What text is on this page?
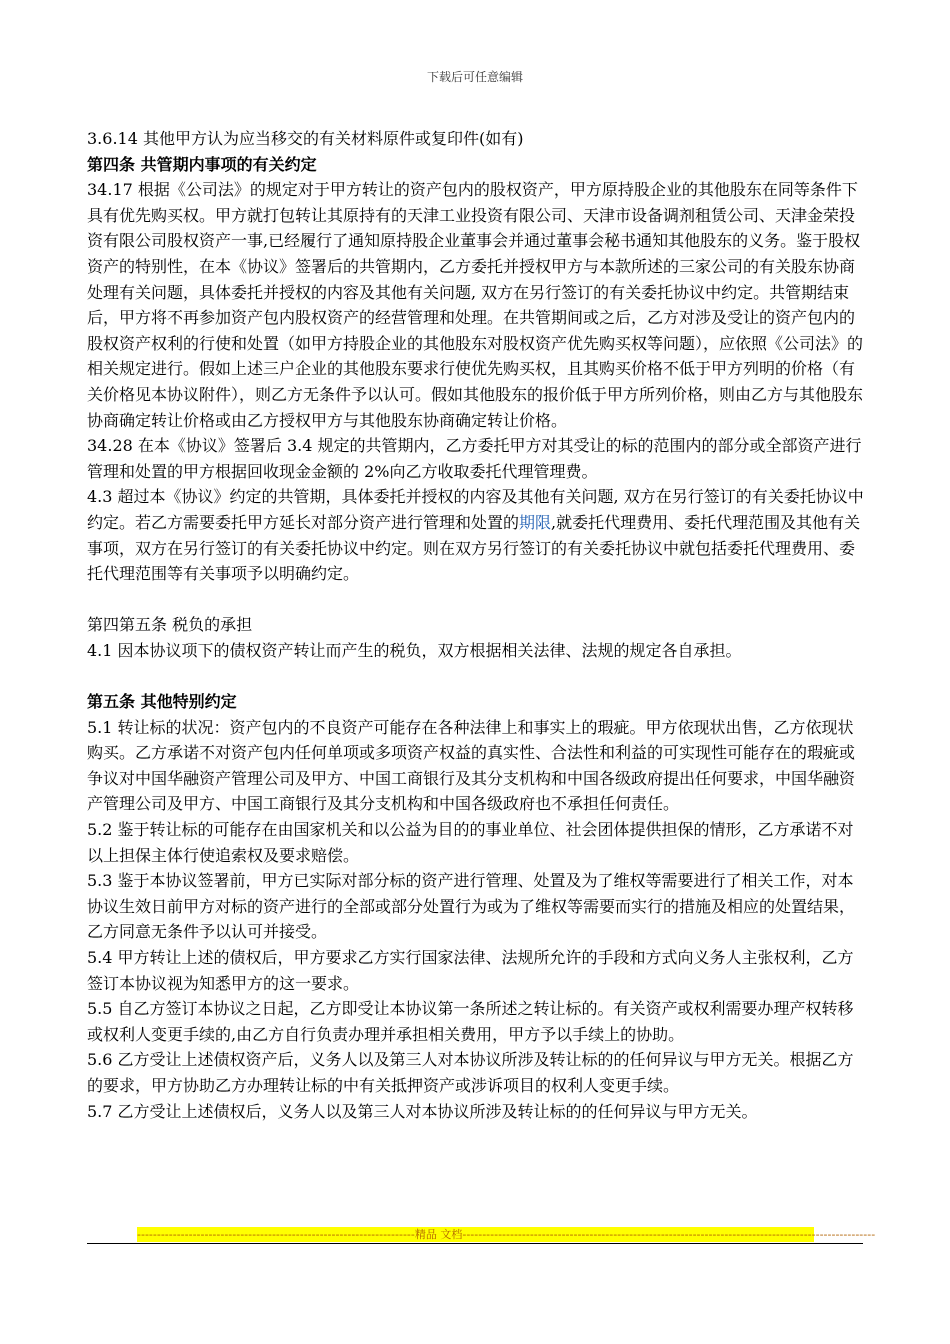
下载后可任意编辑

3.6.14 其他甲方认为应当移交的有关材料原件或复印件(如有)

第四条 共管期内事项的有关约定

34.17 根据《公司法》的规定对于甲方转让的资产包内的股权资产，甲方原持股企业的其他股东在同等条件下具有优先购买权。甲方就打包转让其原持有的天津工业投资有限公司、天津市设备调剂租赁公司、天津金荣投资有限公司股权资产一事,已经履行了通知原持股企业董事会并通过董事会秘书通知其他股东的义务。鉴于股权资产的特别性，在本《协议》签署后的共管期内，乙方委托并授权甲方与本款所述的三家公司的有关股东协商处理有关问题，具体委托并授权的内容及其他有关问题, 双方在另行签订的有关委托协议中约定。共管期结束后，甲方将不再参加资产包内股权资产的经营管理和处理。在共管期间或之后，乙方对涉及受让的资产包内的股权资产权利的行使和处置（如甲方持股企业的其他股东对股权资产优先购买权等问题），应依照《公司法》的相关规定进行。假如上述三户企业的其他股东要求行使优先购买权，且其购买价格不低于甲方列明的价格（有关价格见本协议附件），则乙方无条件予以认可。假如其他股东的报价低于甲方所列价格，则由乙方与其他股东协商确定转让价格或由乙方授权甲方与其他股东协商确定转让价格。

34.28 在本《协议》签署后 3.4 规定的共管期内，乙方委托甲方对其受让的标的范围内的部分或全部资产进行管理和处置的甲方根据回收现金金额的 2%向乙方收取委托代理管理费。

4.3 超过本《协议》约定的共管期，具体委托并授权的内容及其他有关问题, 双方在另行签订的有关委托协议中约定。若乙方需要委托甲方延长对部分资产进行管理和处置的期限,就委托代理费用、委托代理范围及其他有关事项，双方在另行签订的有关委托协议中约定。则在双方另行签订的有关委托协议中就包括委托代理费用、委托代理范围等有关事项予以明确约定。

第四第五条 税负的承担

4.1 因本协议项下的债权资产转让而产生的税负，双方根据相关法律、法规的规定各自承担。

第五条 其他特别约定

5.1 转让标的状况：资产包内的不良资产可能存在各种法律上和事实上的瑕疵。甲方依现状出售，乙方依现状购买。乙方承诺不对资产包内任何单项或多项资产权益的真实性、合法性和利益的可实现性可能存在的瑕疵或争议对中国华融资产管理公司及甲方、中国工商银行及其分支机构和中国各级政府提出任何要求，中国华融资产管理公司及甲方、中国工商银行及其分支机构和中国各级政府也不承担任何责任。

5.2 鉴于转让标的可能存在由国家机关和以公益为目的的事业单位、社会团体提供担保的情形，乙方承诺不对以上担保主体行使追索权及要求赔偿。

5.3 鉴于本协议签署前，甲方已实际对部分标的资产进行管理、处置及为了维权等需要进行了相关工作，对本协议生效日前甲方对标的资产进行的全部或部分处置行为或为了维权等需要而实行的措施及相应的处置结果，乙方同意无条件予以认可并接受。

5.4 甲方转让上述的债权后，甲方要求乙方实行国家法律、法规所允许的手段和方式向义务人主张权利，乙方签订本协议视为知悉甲方的这一要求。

5.5 自乙方签订本协议之日起，乙方即受让本协议第一条所述之转让标的。有关资产或权利需要办理产权转移或权利人变更手续的,由乙方自行负责办理并承担相关费用，甲方予以手续上的协助。

5.6 乙方受让上述债权资产后，义务人以及第三人对本协议所涉及转让标的的任何异议与甲方无关。根据乙方的要求，甲方协助乙方办理转让标的中有关抵押资产或涉诉项目的权利人变更手续。

5.7 乙方受让上述债权后，义务人以及第三人对本协议所涉及转让标的的任何异议与甲方无关。

----------------------------------------------------------------------精品 文档--------------------------------------------------------------------------------------------------------
